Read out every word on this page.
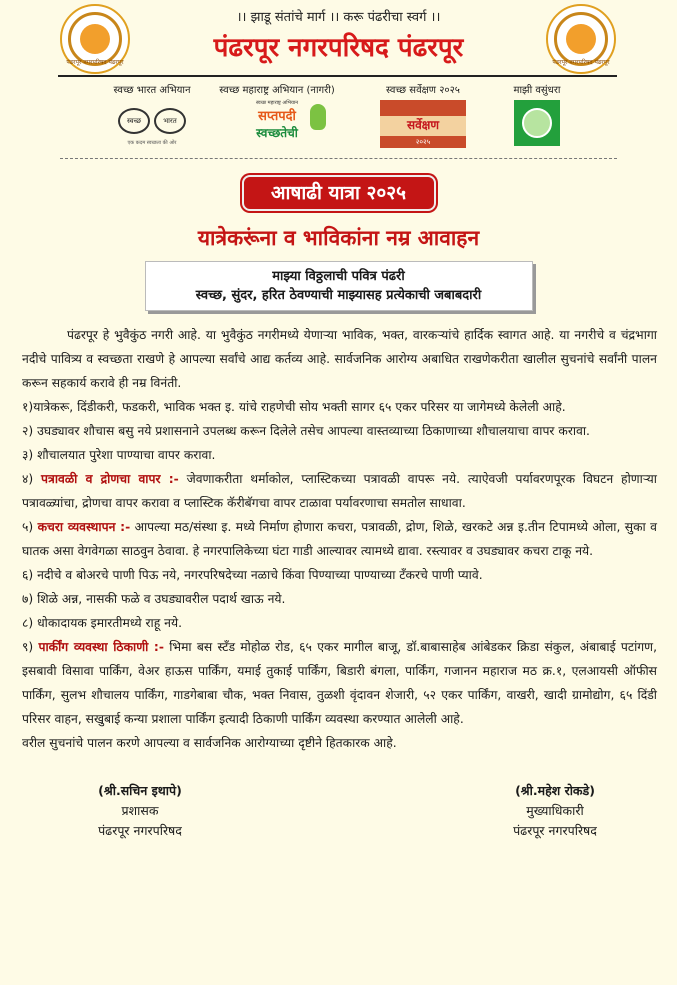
पंढरपूर नगरपरिषद पंढरपूर
।। झाडू संतांचे मार्ग ।। करू पंढरीचा स्वर्ग ।।
पंढरपूर नगरपरिषद पंढरपूर	पंढरपूर नगरपरिषद पंढरपूर
स्वच्छ भारत अभियान
स्वच्छ	भारत
एक कदम स्वच्छता की ओर
स्वच्छ महाराष्ट्र अभियान (नागरी)
स्वच्छ महाराष्ट्र अभियान
सप्तपदी
स्वच्छतेची
स्वच्छ सर्वेक्षण २०२५
सर्वेक्षण
२०२५
माझी वसुंधरा
आषाढी यात्रा २०२५
यात्रेकरूंना व भाविकांना नम्र आवाहन
माझ्या विठ्ठलाची पवित्र पंढरी
स्वच्छ, सुंदर, हरित ठेवण्याची माझ्यासह प्रत्येकाची जबाबदारी

पंढरपूर हे भुवैकुंठ नगरी आहे. या भुवैकुंठ नगरीमध्ये येणाऱ्या भाविक, भक्त, वारकऱ्यांचे हार्दिक स्वागत आहे. या नगरीचे व चंद्रभागा नदीचे पावित्र्य व स्वच्छता राखणे हे आपल्या सर्वांचे आद्य कर्तव्य आहे. सार्वजनिक आरोग्य अबाधित राखणेकरीता खालील सुचनांचे सर्वांनी पालन करून सहकार्य करावे ही नम्र विनंती.

१)यात्रेकरू, दिंडीकरी, फडकरी, भाविक भक्त इ. यांचे राहणेची सोय भक्ती सागर ६५ एकर परिसर या जागेमध्ये केलेली आहे.

२) उघड्यावर शौचास बसु नये प्रशासनाने उपलब्ध करून दिलेले तसेच आपल्या वास्तव्याच्या ठिकाणाच्या शौचालयाचा वापर करावा.

३) शौचालयात पुरेशा पाण्याचा वापर करावा.

४) पत्रावळी व द्रोणचा वापर :- जेवणाकरीता थर्माकोल, प्लास्टिकच्या पत्रावळी वापरू नये. त्याऐवजी पर्यावरणपूरक विघटन होणाऱ्या पत्रावळ्यांचा, द्रोणचा वापर करावा व प्लास्टिक कॅरीबॅगचा वापर टाळावा पर्यावरणाचा समतोल साधावा.

५) कचरा व्यवस्थापन :- आपल्या मठ/संस्था इ. मध्ये निर्माण होणारा कचरा, पत्रावळी, द्रोण, शिळे, खरकटे अन्न इ.तीन टिपामध्ये ओला, सुका व घातक असा वेगवेगळा साठवुन ठेवावा. हे नगरपालिकेच्या घंटा गाडी आल्यावर त्यामध्ये द्यावा. रस्त्यावर व उघड्यावर कचरा टाकू नये.

६) नदीचे व बोअरचे पाणी पिऊ नये, नगरपरिषदेच्या नळाचे किंवा पिण्याच्या पाण्याच्या टँकरचे पाणी प्यावे.

७) शिळे अन्न, नासकी फळे व उघड्यावरील पदार्थ खाऊ नये.

८) धोकादायक इमारतीमध्ये राहू नये.

९) पार्कींग व्यवस्था ठिकाणी :- भिमा बस स्टँड मोहोळ रोड, ६५ एकर मागील बाजू, डॉ.बाबासाहेब आंबेडकर क्रिडा संकुल, अंबाबाई पटांगण, इसबावी विसावा पार्किंग, वेअर हाऊस पार्किंग, यमाई तुकाई पार्किंग, बिडारी बंगला, पार्किंग, गजानन महाराज मठ क्र.१, एलआयसी ऑफीस पार्किंग, सुलभ शौचालय पार्किंग, गाडगेबाबा चौक, भक्त निवास, तुळशी वृंदावन शेजारी, ५२ एकर पार्किंग, वाखरी, खादी ग्रामोद्योग, ६५ दिंडी परिसर वाहन, सखुबाई कन्या प्रशाला पार्किंग इत्यादी ठिकाणी पार्किंग व्यवस्था करण्यात आलेली आहे.

वरील सुचनांचे पालन करणे आपल्या व सार्वजनिक आरोग्याच्या दृष्टीने हितकारक आहे.

(श्री.सचिन इथापे)
प्रशासक
पंढरपूर नगरपरिषद
(श्री.महेश रोकडे)
मुख्याधिकारी
पंढरपूर नगरपरिषद
